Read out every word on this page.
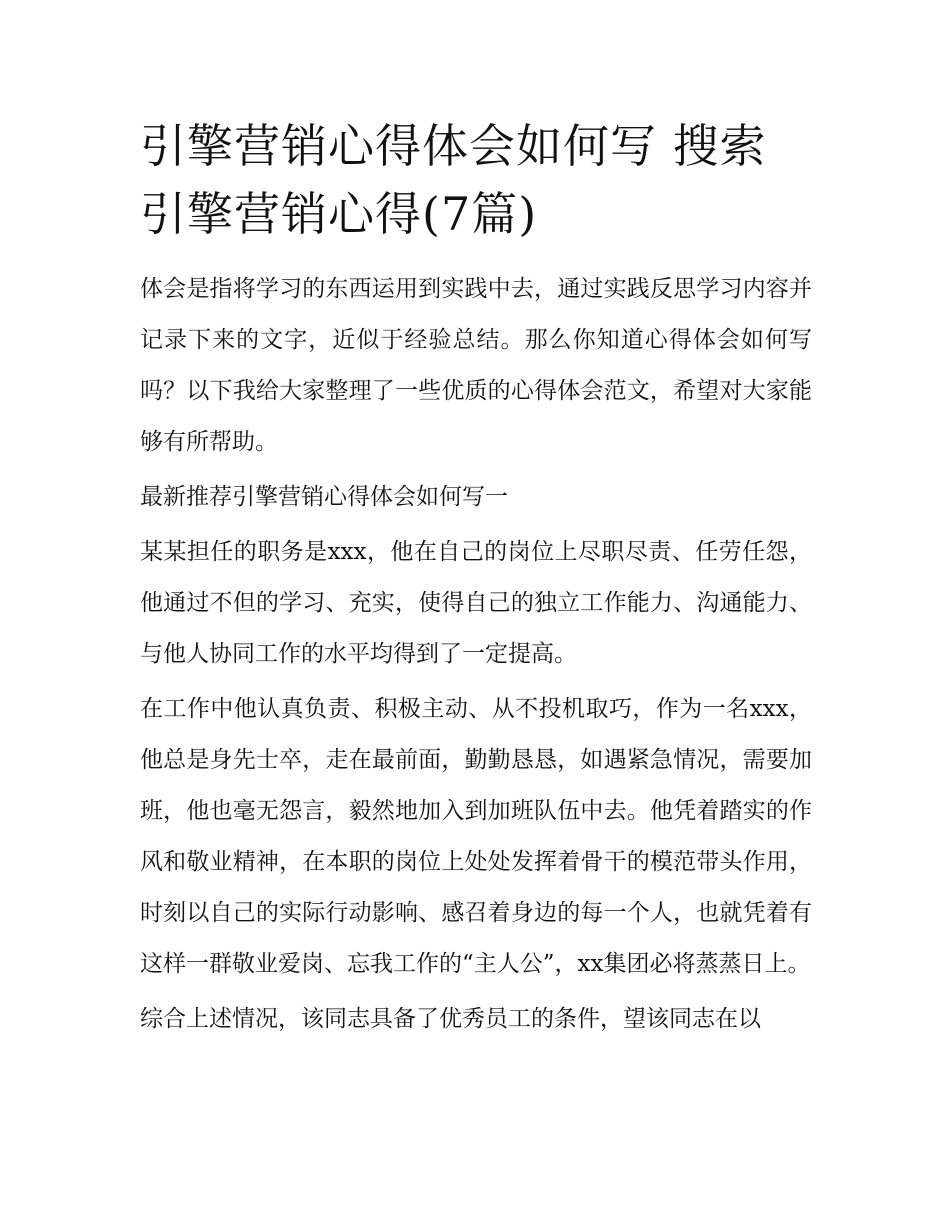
引擎营销心得体会如何写 搜索引擎营销心得(7篇)

体会是指将学习的东西运用到实践中去，通过实践反思学习内容并记录下来的文字，近似于经验总结。那么你知道心得体会如何写吗？以下我给大家整理了一些优质的心得体会范文，希望对大家能够有所帮助。

最新推荐引擎营销心得体会如何写一

某某担任的职务是xxx，他在自己的岗位上尽职尽责、任劳任怨，他通过不但的学习、充实，使得自己的独立工作能力、沟通能力、与他人协同工作的水平均得到了一定提高。

在工作中他认真负责、积极主动、从不投机取巧，作为一名xxx，他总是身先士卒，走在最前面，勤勤恳恳，如遇紧急情况，需要加班，他也毫无怨言，毅然地加入到加班队伍中去。他凭着踏实的作风和敬业精神，在本职的岗位上处处发挥着骨干的模范带头作用，时刻以自己的实际行动影响、感召着身边的每一个人，也就凭着有这样一群敬业爱岗、忘我工作的“主人公”，xx集团必将蒸蒸日上。

综合上述情况，该同志具备了优秀员工的条件，望该同志在以
